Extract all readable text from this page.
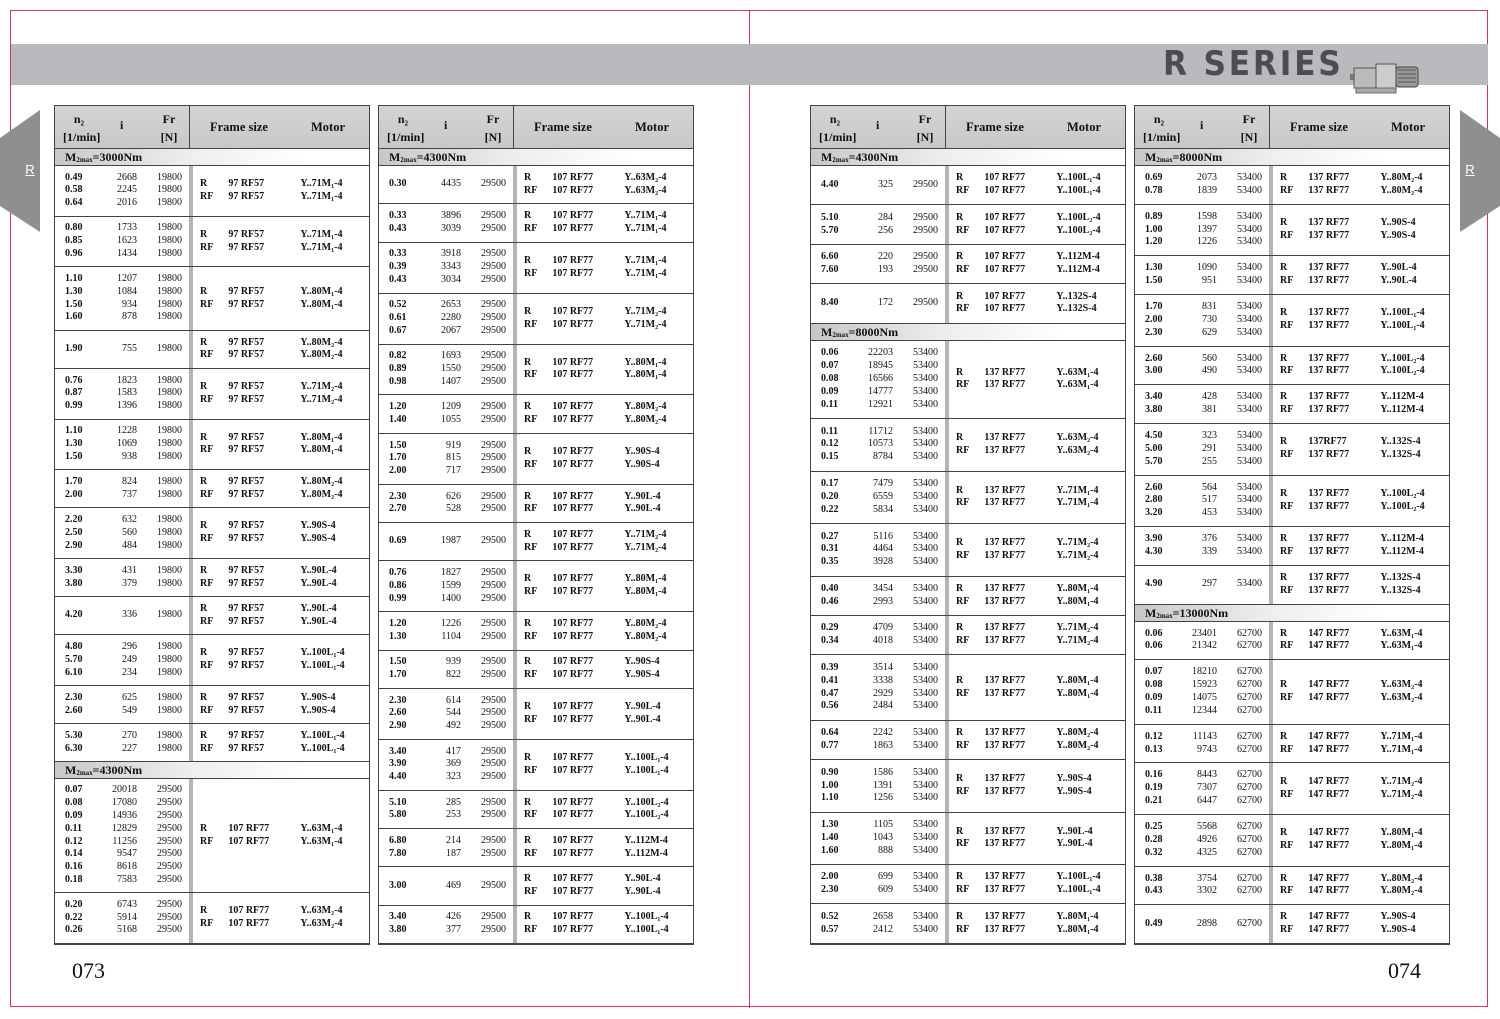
R SERIES
R	R
073	074
n₂
[1/min]
i	Fr
[N]
Frame size	Motor
$M_{2max}=3000Nm$
0.49	2668	19800
0.58	2245	19800
0.64	2016	19800
R	97 RF57	Y..71M₁-4
RF	97 RF57	Y..71M₁-4
0.80	1733	19800
0.85	1623	19800
0.96	1434	19800
R	97 RF57	Y..71M₁-4
RF	97 RF57	Y..71M₁-4
1.10	1207	19800
1.30	1084	19800
1.50	934	19800
1.60	878	19800
R	97 RF57	Y..80M₁-4
RF	97 RF57	Y..80M₁-4
1.90	755	19800
R	97 RF57	Y..80M₂-4
RF	97 RF57	Y..80M₂-4
0.76	1823	19800
0.87	1583	19800
0.99	1396	19800
R	97 RF57	Y..71M₂-4
RF	97 RF57	Y..71M₂-4
1.10	1228	19800
1.30	1069	19800
1.50	938	19800
R	97 RF57	Y..80M₁-4
RF	97 RF57	Y..80M₁-4
1.70	824	19800
2.00	737	19800
R	97 RF57	Y..80M₂-4
RF	97 RF57	Y..80M₂-4
2.20	632	19800
2.50	560	19800
2.90	484	19800
R	97 RF57	Y..90S-4
RF	97 RF57	Y..90S-4
3.30	431	19800
3.80	379	19800
R	97 RF57	Y..90L-4
RF	97 RF57	Y..90L-4
4.20	336	19800
R	97 RF57	Y..90L-4
RF	97 RF57	Y..90L-4
4.80	296	19800
5.70	249	19800
6.10	234	19800
R	97 RF57	Y..100L₁-4
RF	97 RF57	Y..100L₁-4
2.30	625	19800
2.60	549	19800
R	97 RF57	Y..90S-4
RF	97 RF57	Y..90S-4
5.30	270	19800
6.30	227	19800
R	97 RF57	Y..100L₁-4
RF	97 RF57	Y..100L₁-4
$M_{2max}=4300Nm$
0.07	20018	29500
0.08	17080	29500
0.09	14936	29500
0.11	12829	29500
0.12	11256	29500
0.14	9547	29500
0.16	8618	29500
0.18	7583	29500
R	107 RF77	Y..63M₁-4
RF	107 RF77	Y..63M₁-4
0.20	6743	29500
0.22	5914	29500
0.26	5168	29500
R	107 RF77	Y..63M₂-4
RF	107 RF77	Y..63M₂-4
n₂
[1/min]
i	Fr
[N]
Frame size	Motor
$M_{2max}=4300Nm$
0.30	4435	29500
R	107 RF77	Y..63M₂-4
RF	107 RF77	Y..63M₂-4
0.33	3896	29500
0.43	3039	29500
R	107 RF77	Y..71M₁-4
RF	107 RF77	Y..71M₁-4
0.33	3918	29500
0.39	3343	29500
0.43	3034	29500
R	107 RF77	Y..71M₁-4
RF	107 RF77	Y..71M₁-4
0.52	2653	29500
0.61	2280	29500
0.67	2067	29500
R	107 RF77	Y..71M₂-4
RF	107 RF77	Y..71M₂-4
0.82	1693	29500
0.89	1550	29500
0.98	1407	29500
R	107 RF77	Y..80M₁-4
RF	107 RF77	Y..80M₁-4
1.20	1209	29500
1.40	1055	29500
R	107 RF77	Y..80M₂-4
RF	107 RF77	Y..80M₂-4
1.50	919	29500
1.70	815	29500
2.00	717	29500
R	107 RF77	Y..90S-4
RF	107 RF77	Y..90S-4
2.30	626	29500
2.70	528	29500
R	107 RF77	Y..90L-4
RF	107 RF77	Y..90L-4
0.69	1987	29500
R	107 RF77	Y..71M₂-4
RF	107 RF77	Y..71M₂-4
0.76	1827	29500
0.86	1599	29500
0.99	1400	29500
R	107 RF77	Y..80M₁-4
RF	107 RF77	Y..80M₁-4
1.20	1226	29500
1.30	1104	29500
R	107 RF77	Y..80M₂-4
RF	107 RF77	Y..80M₂-4
1.50	939	29500
1.70	822	29500
R	107 RF77	Y..90S-4
RF	107 RF77	Y..90S-4
2.30	614	29500
2.60	544	29500
2.90	492	29500
R	107 RF77	Y..90L-4
RF	107 RF77	Y..90L-4
3.40	417	29500
3.90	369	29500
4.40	323	29500
R	107 RF77	Y..100L₁-4
RF	107 RF77	Y..100L₁-4
5.10	285	29500
5.80	253	29500
R	107 RF77	Y..100L₂-4
RF	107 RF77	Y..100L₂-4
6.80	214	29500
7.80	187	29500
R	107 RF77	Y..112M-4
RF	107 RF77	Y..112M-4
3.00	469	29500
R	107 RF77	Y..90L-4
RF	107 RF77	Y..90L-4
3.40	426	29500
3.80	377	29500
R	107 RF77	Y..100L₁-4
RF	107 RF77	Y..100L₁-4
n₂
[1/min]
i	Fr
[N]
Frame size	Motor
$M_{2max}=4300Nm$
4.40	325	29500
R	107 RF77	Y..100L₁-4
RF	107 RF77	Y..100L₁-4
5.10	284	29500
5.70	256	29500
R	107 RF77	Y..100L₂-4
RF	107 RF77	Y..100L₂-4
6.60	220	29500
7.60	193	29500
R	107 RF77	Y..112M-4
RF	107 RF77	Y..112M-4
8.40	172	29500
R	107 RF77	Y..132S-4
RF	107 RF77	Y..132S-4
$M_{2max}=8000Nm$
0.06	22203	53400
0.07	18945	53400
0.08	16566	53400
0.09	14777	53400
0.11	12921	53400
R	137 RF77	Y..63M₁-4
RF	137 RF77	Y..63M₁-4
0.11	11712	53400
0.12	10573	53400
0.15	8784	53400
R	137 RF77	Y..63M₂-4
RF	137 RF77	Y..63M₂-4
0.17	7479	53400
0.20	6559	53400
0.22	5834	53400
R	137 RF77	Y..71M₁-4
RF	137 RF77	Y..71M₁-4
0.27	5116	53400
0.31	4464	53400
0.35	3928	53400
R	137 RF77	Y..71M₂-4
RF	137 RF77	Y..71M₂-4
0.40	3454	53400
0.46	2993	53400
R	137 RF77	Y..80M₁-4
RF	137 RF77	Y..80M₁-4
0.29	4709	53400
0.34	4018	53400
R	137 RF77	Y..71M₂-4
RF	137 RF77	Y..71M₂-4
0.39	3514	53400
0.41	3338	53400
0.47	2929	53400
0.56	2484	53400
R	137 RF77	Y..80M₁-4
RF	137 RF77	Y..80M₁-4
0.64	2242	53400
0.77	1863	53400
R	137 RF77	Y..80M₂-4
RF	137 RF77	Y..80M₂-4
0.90	1586	53400
1.00	1391	53400
1.10	1256	53400
R	137 RF77	Y..90S-4
RF	137 RF77	Y..90S-4
1.30	1105	53400
1.40	1043	53400
1.60	888	53400
R	137 RF77	Y..90L-4
RF	137 RF77	Y..90L-4
2.00	699	53400
2.30	609	53400
R	137 RF77	Y..100L₁-4
RF	137 RF77	Y..100L₁-4
0.52	2658	53400
0.57	2412	53400
R	137 RF77	Y..80M₁-4
RF	137 RF77	Y..80M₁-4
n₂
[1/min]
i	Fr
[N]
Frame size	Motor
$M_{2max}=8000Nm$
0.69	2073	53400
0.78	1839	53400
R	137 RF77	Y..80M₂-4
RF	137 RF77	Y..80M₂-4
0.89	1598	53400
1.00	1397	53400
1.20	1226	53400
R	137 RF77	Y..90S-4
RF	137 RF77	Y..90S-4
1.30	1090	53400
1.50	951	53400
R	137 RF77	Y..90L-4
RF	137 RF77	Y..90L-4
1.70	831	53400
2.00	730	53400
2.30	629	53400
R	137 RF77	Y..100L₁-4
RF	137 RF77	Y..100L₁-4
2.60	560	53400
3.00	490	53400
R	137 RF77	Y..100L₂-4
RF	137 RF77	Y..100L₂-4
3.40	428	53400
3.80	381	53400
R	137 RF77	Y..112M-4
RF	137 RF77	Y..112M-4
4.50	323	53400
5.00	291	53400
5.70	255	53400
R	137RF77	Y..132S-4
RF	137 RF77	Y..132S-4
2.60	564	53400
2.80	517	53400
3.20	453	53400
R	137 RF77	Y..100L₂-4
RF	137 RF77	Y..100L₂-4
3.90	376	53400
4.30	339	53400
R	137 RF77	Y..112M-4
RF	137 RF77	Y..112M-4
4.90	297	53400
R	137 RF77	Y..132S-4
RF	137 RF77	Y..132S-4
$M_{2max}=13000Nm$
0.06	23401	62700
0.06	21342	62700
R	147 RF77	Y..63M₁-4
RF	147 RF77	Y..63M₁-4
0.07	18210	62700
0.08	15923	62700
0.09	14075	62700
0.11	12344	62700
R	147 RF77	Y..63M₂-4
RF	147 RF77	Y..63M₂-4
0.12	11143	62700
0.13	9743	62700
R	147 RF77	Y..71M₁-4
RF	147 RF77	Y..71M₁-4
0.16	8443	62700
0.19	7307	62700
0.21	6447	62700
R	147 RF77	Y..71M₂-4
RF	147 RF77	Y..71M₂-4
0.25	5568	62700
0.28	4926	62700
0.32	4325	62700
R	147 RF77	Y..80M₁-4
RF	147 RF77	Y..80M₁-4
0.38	3754	62700
0.43	3302	62700
R	147 RF77	Y..80M₂-4
RF	147 RF77	Y..80M₂-4
0.49	2898	62700
R	147 RF77	Y..90S-4
RF	147 RF77	Y..90S-4
